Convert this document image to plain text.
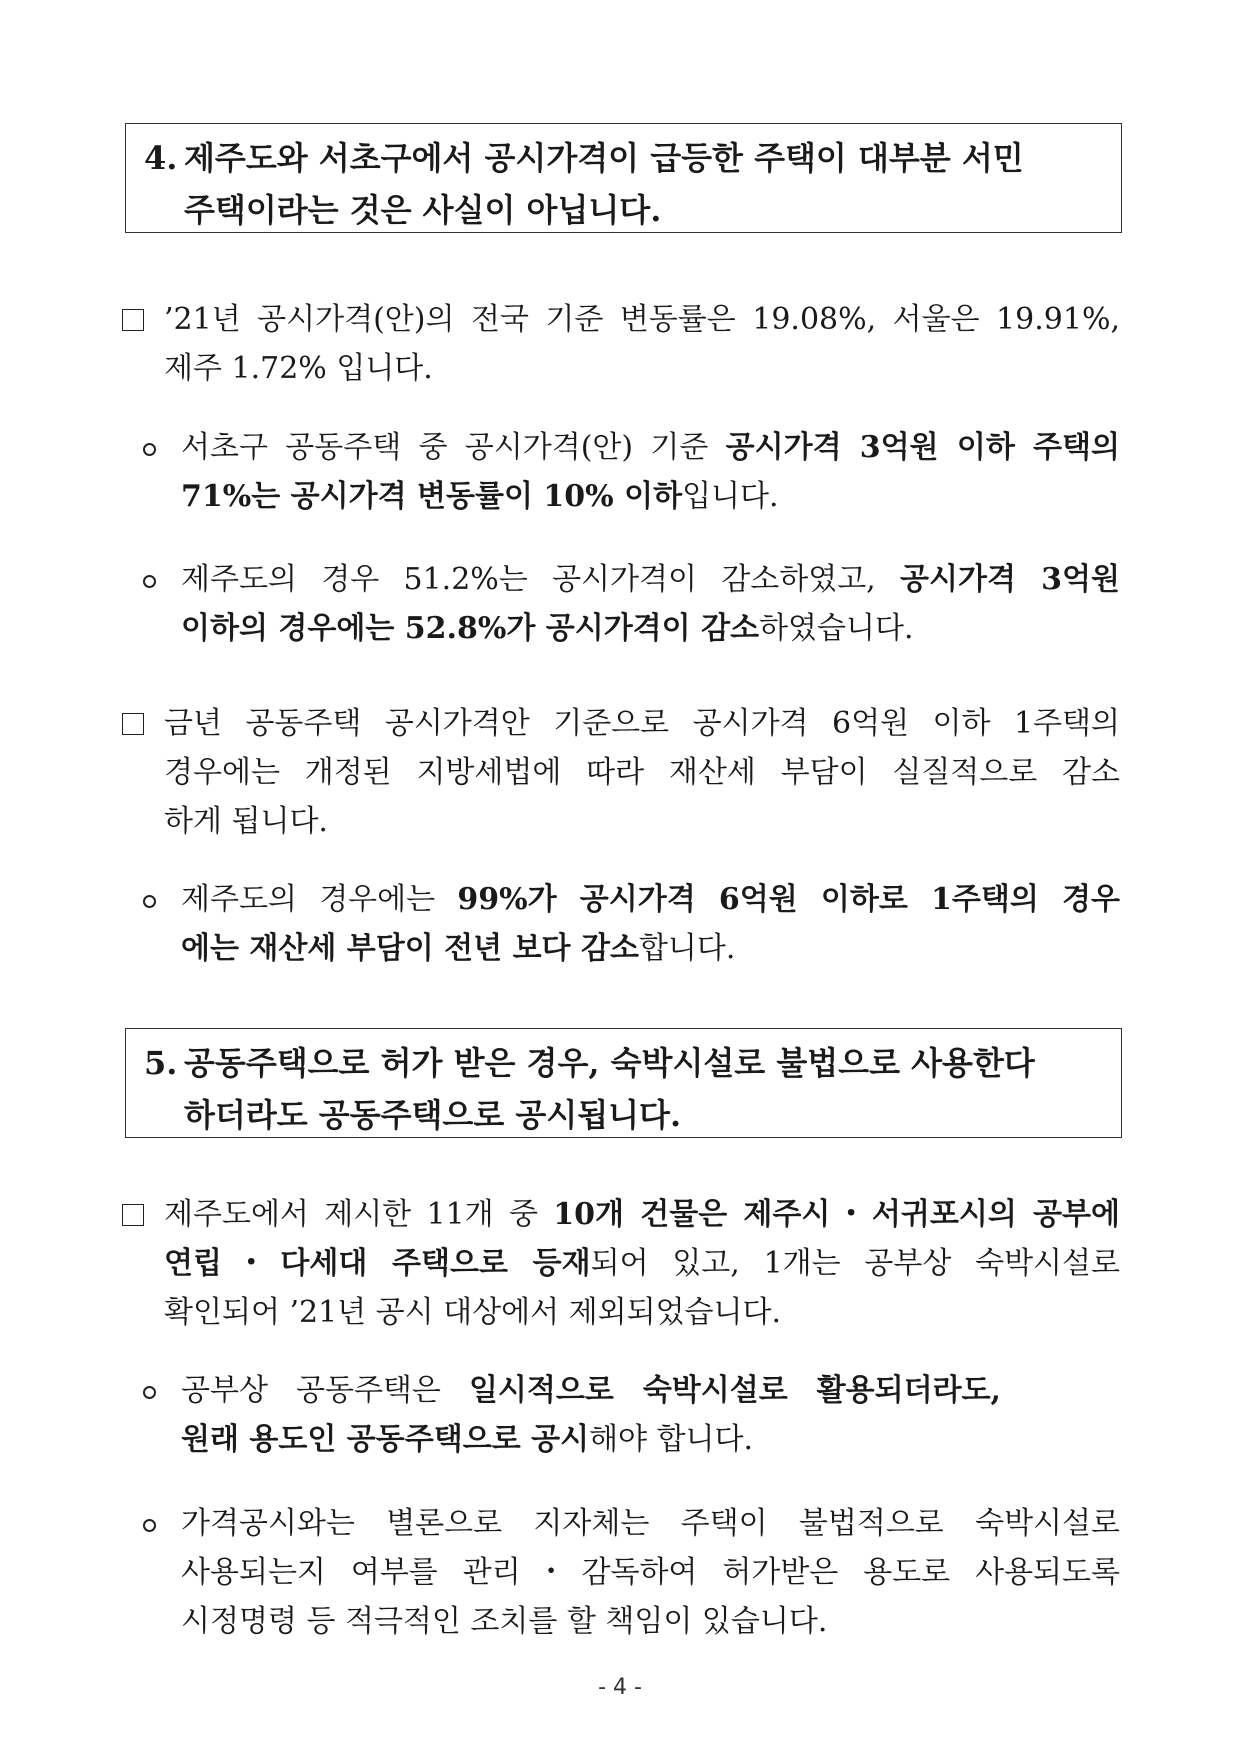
4. 제주도와 서초구에서 공시가격이 급등한 주택이 대부분 서민
주택이라는 것은 사실이 아닙니다.
’21년 공시가격(안)의 전국 기준 변동률은 19.08%, 서울은 19.91%,
제주 1.72% 입니다.
서초구 공동주택 중 공시가격(안) 기준 공시가격 3억원 이하 주택의
71%는 공시가격 변동률이 10% 이하입니다.
제주도의 경우 51.2%는 공시가격이 감소하였고, 공시가격 3억원
이하의 경우에는 52.8%가 공시가격이 감소하였습니다.
금년 공동주택 공시가격안 기준으로 공시가격 6억원 이하 1주택의
경우에는 개정된 지방세법에 따라 재산세 부담이 실질적으로 감소
하게 됩니다.
제주도의 경우에는 99%가 공시가격 6억원 이하로 1주택의 경우
에는 재산세 부담이 전년 보다 감소합니다.
5. 공동주택으로 허가 받은 경우, 숙박시설로 불법으로 사용한다
하더라도 공동주택으로 공시됩니다.
제주도에서 제시한 11개 중 10개 건물은 제주시・서귀포시의 공부에
연립・다세대 주택으로 등재되어 있고, 1개는 공부상 숙박시설로
확인되어 ’21년 공시 대상에서 제외되었습니다.
공부상 공동주택은 일시적으로 숙박시설로 활용되더라도,
원래 용도인 공동주택으로 공시해야 합니다.
가격공시와는 별론으로 지자체는 주택이 불법적으로 숙박시설로
사용되는지 여부를 관리・감독하여 허가받은 용도로 사용되도록
시정명령 등 적극적인 조치를 할 책임이 있습니다.
- 4 -
